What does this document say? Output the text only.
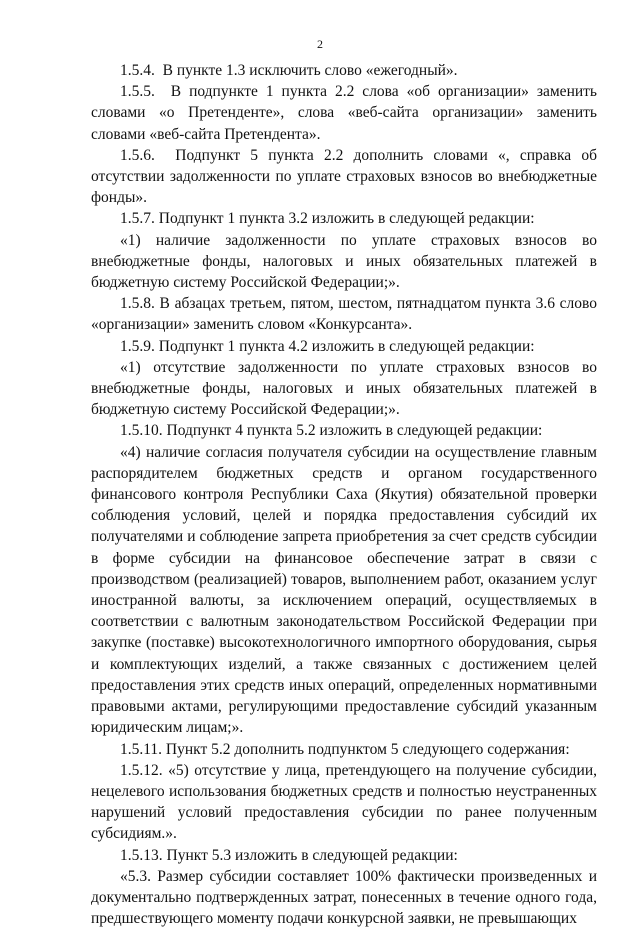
2

1.5.4.  В пункте 1.3 исключить слово «ежегодный».

1.5.5.  В подпункте 1 пункта 2.2 слова «об организации» заменить словами «о Претенденте», слова «веб-сайта организации» заменить словами «веб-сайта Претендента».

1.5.6.  Подпункт 5 пункта 2.2 дополнить словами «, справка об отсутствии задолженности по уплате страховых взносов во внебюджетные фонды».

1.5.7. Подпункт 1 пункта 3.2 изложить в следующей редакции:

«1) наличие задолженности по уплате страховых взносов во внебюджетные фонды, налоговых и иных обязательных платежей в бюджетную систему Российской Федерации;».

1.5.8. В абзацах третьем, пятом, шестом, пятнадцатом пункта 3.6 слово «организации» заменить словом «Конкурсанта».

1.5.9. Подпункт 1 пункта 4.2 изложить в следующей редакции:

«1) отсутствие задолженности по уплате страховых взносов во внебюджетные фонды, налоговых и иных обязательных платежей в бюджетную систему Российской Федерации;».

1.5.10. Подпункт 4 пункта 5.2 изложить в следующей редакции:

«4) наличие согласия получателя субсидии на осуществление главным распорядителем бюджетных средств и органом государственного финансового контроля Республики Саха (Якутия) обязательной проверки соблюдения условий, целей и порядка предоставления субсидий их получателями и соблюдение запрета приобретения за счет средств субсидии в форме субсидии на финансовое обеспечение затрат в связи с производством (реализацией) товаров, выполнением работ, оказанием услуг иностранной валюты, за исключением операций, осуществляемых в соответствии с валютным законодательством Российской Федерации при закупке (поставке) высокотехнологичного импортного оборудования, сырья и комплектующих изделий, а также связанных с достижением целей предоставления этих средств иных операций, определенных нормативными правовыми актами, регулирующими предоставление субсидий указанным юридическим лицам;».

1.5.11. Пункт 5.2 дополнить подпунктом 5 следующего содержания:

1.5.12. «5) отсутствие у лица, претендующего на получение субсидии, нецелевого использования бюджетных средств и полностью неустраненных нарушений условий предоставления субсидии по ранее полученным субсидиям.».

1.5.13. Пункт 5.3 изложить в следующей редакции:

«5.3. Размер субсидии составляет 100% фактически произведенных и документально подтвержденных затрат, понесенных в течение одного года, предшествующего моменту подачи конкурсной заявки, не превышающих
